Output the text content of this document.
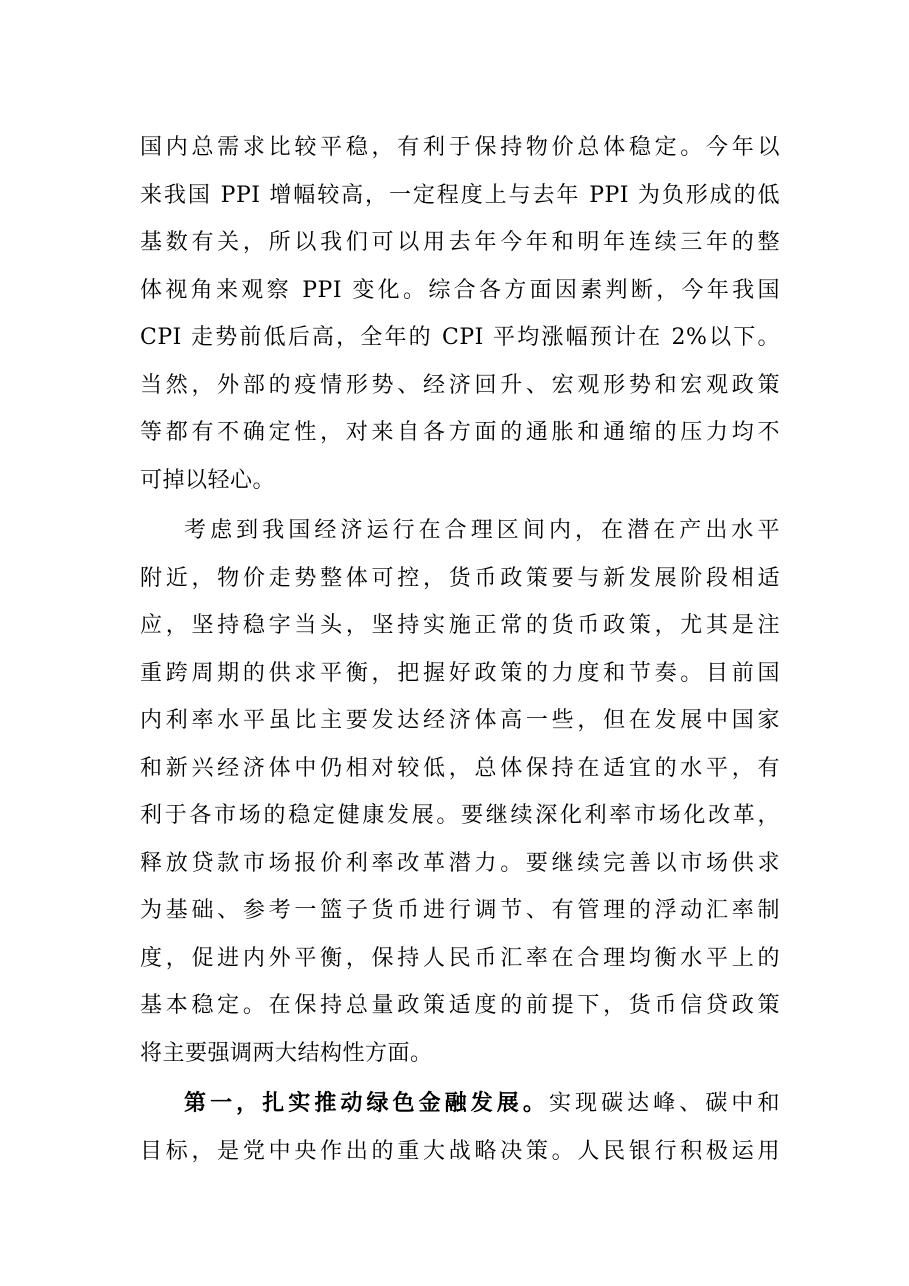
国内总需求比较平稳，有利于保持物价总体稳定。今年以
来我国 PPI 增幅较高，一定程度上与去年 PPI 为负形成的低
基数有关，所以我们可以用去年今年和明年连续三年的整
体视角来观察 PPI 变化。综合各方面因素判断，今年我国
CPI 走势前低后高，全年的 CPI 平均涨幅预计在 2%以下。
当然，外部的疫情形势、经济回升、宏观形势和宏观政策
等都有不确定性，对来自各方面的通胀和通缩的压力均不
可掉以轻心。
考虑到我国经济运行在合理区间内，在潜在产出水平
附近，物价走势整体可控，货币政策要与新发展阶段相适
应，坚持稳字当头，坚持实施正常的货币政策，尤其是注
重跨周期的供求平衡，把握好政策的力度和节奏。目前国
内利率水平虽比主要发达经济体高一些，但在发展中国家
和新兴经济体中仍相对较低，总体保持在适宜的水平，有
利于各市场的稳定健康发展。要继续深化利率市场化改革，
释放贷款市场报价利率改革潜力。要继续完善以市场供求
为基础、参考一篮子货币进行调节、有管理的浮动汇率制
度，促进内外平衡，保持人民币汇率在合理均衡水平上的
基本稳定。在保持总量政策适度的前提下，货币信贷政策
将主要强调两大结构性方面。
第一，扎实推动绿色金融发展。实现碳达峰、碳中和
目标，是党中央作出的重大战略决策。人民银行积极运用
